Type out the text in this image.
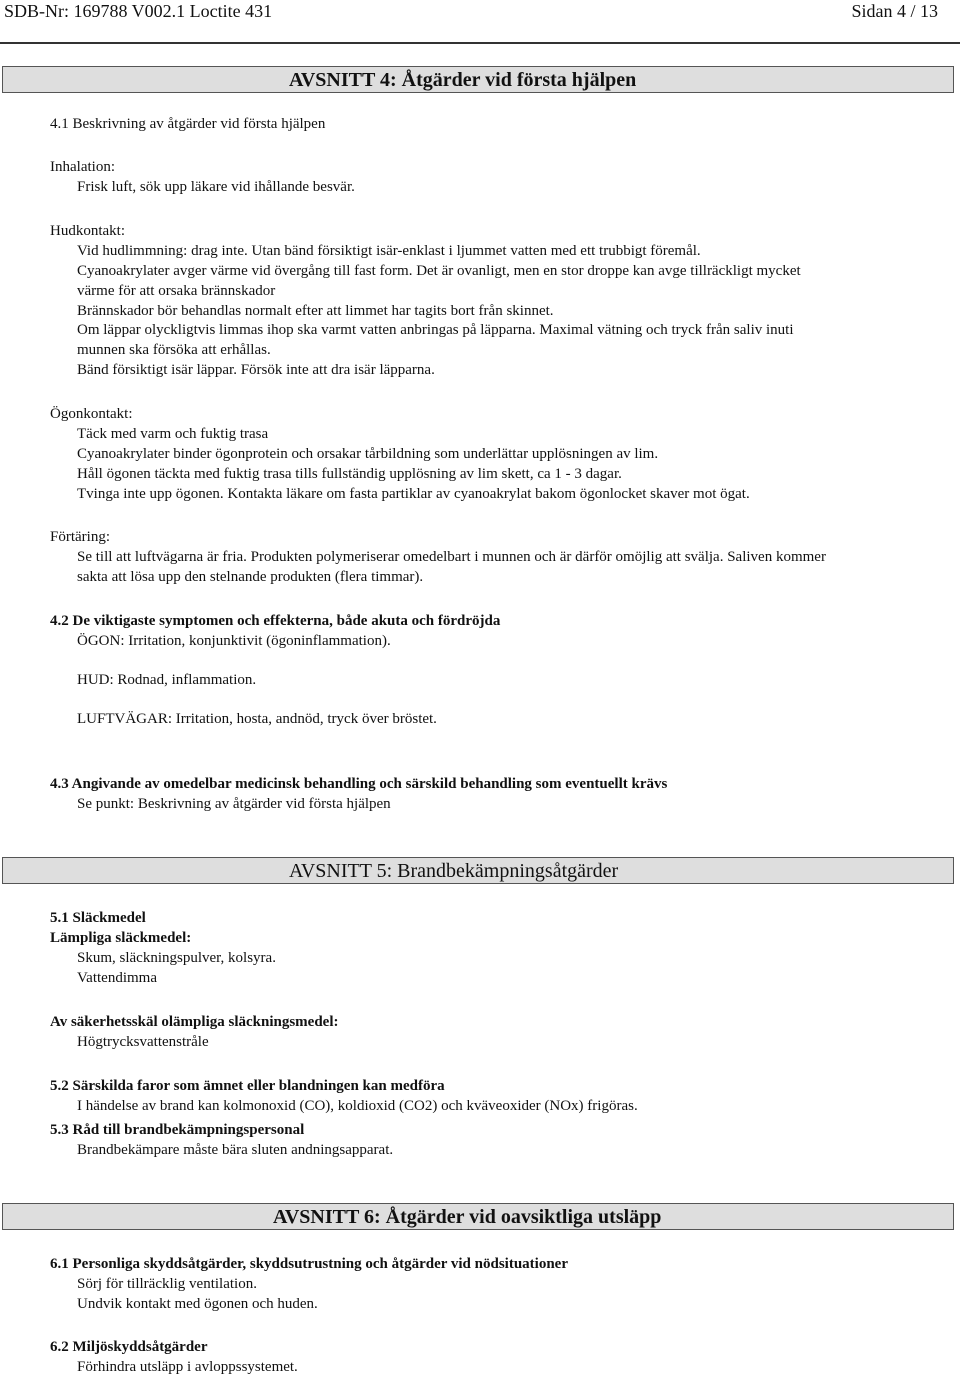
SDB-Nr: 169788 V002.1 Loctite 431	Sidan 4 / 13
AVSNITT 4: Åtgärder vid första hjälpen
4.1 Beskrivning av åtgärder vid första hjälpen
Inhalation:
Frisk luft, sök upp läkare vid ihållande besvär.
Hudkontakt:
Vid hudlimmning: drag inte. Utan bänd försiktigt isär-enklast i ljummet vatten med ett trubbigt föremål.
Cyanoakrylater avger värme vid övergång till fast form. Det är ovanligt, men en stor droppe kan avge tillräckligt mycket
värme för att orsaka brännskador
Brännskador bör behandlas normalt efter att limmet har tagits bort från skinnet.
Om läppar olyckligtvis limmas ihop ska varmt vatten anbringas på läpparna. Maximal vätning och tryck från saliv inuti
munnen ska försöka att erhållas.
Bänd försiktigt isär läppar. Försök inte att dra isär läpparna.
Ögonkontakt:
Täck med varm och fuktig trasa
Cyanoakrylater binder ögonprotein och orsakar tårbildning som underlättar upplösningen av lim.
Håll ögonen täckta med fuktig trasa tills fullständig upplösning av lim skett, ca 1 - 3 dagar.
Tvinga inte upp ögonen. Kontakta läkare om fasta partiklar av cyanoakrylat bakom ögonlocket skaver mot ögat.
Förtäring:
Se till att luftvägarna är fria. Produkten polymeriserar omedelbart i munnen och är därför omöjlig att svälja. Saliven kommer
sakta att lösa upp den stelnande produkten (flera timmar).
4.2 De viktigaste symptomen och effekterna, både akuta och fördröjda
ÖGON: Irritation, konjunktivit (ögoninflammation).
HUD: Rodnad, inflammation.
LUFTVÄGAR: Irritation, hosta, andnöd, tryck över bröstet.
4.3 Angivande av omedelbar medicinsk behandling och särskild behandling som eventuellt krävs
Se punkt: Beskrivning av åtgärder vid första hjälpen
AVSNITT 5: Brandbekämpningsåtgärder
5.1 Släckmedel
Lämpliga släckmedel:
Skum, släckningspulver, kolsyra.
Vattendimma
Av säkerhetsskäl olämpliga släckningsmedel:
Högtrycksvattenstråle
5.2 Särskilda faror som ämnet eller blandningen kan medföra
I händelse av brand kan kolmonoxid (CO), koldioxid (CO2) och kväveoxider (NOx) frigöras.
5.3 Råd till brandbekämpningspersonal
Brandbekämpare måste bära sluten andningsapparat.
AVSNITT 6: Åtgärder vid oavsiktliga utsläpp
6.1 Personliga skyddsåtgärder, skyddsutrustning och åtgärder vid nödsituationer
Sörj för tillräcklig ventilation.
Undvik kontakt med ögonen och huden.
6.2 Miljöskyddsåtgärder
Förhindra utsläpp i avloppssystemet.
